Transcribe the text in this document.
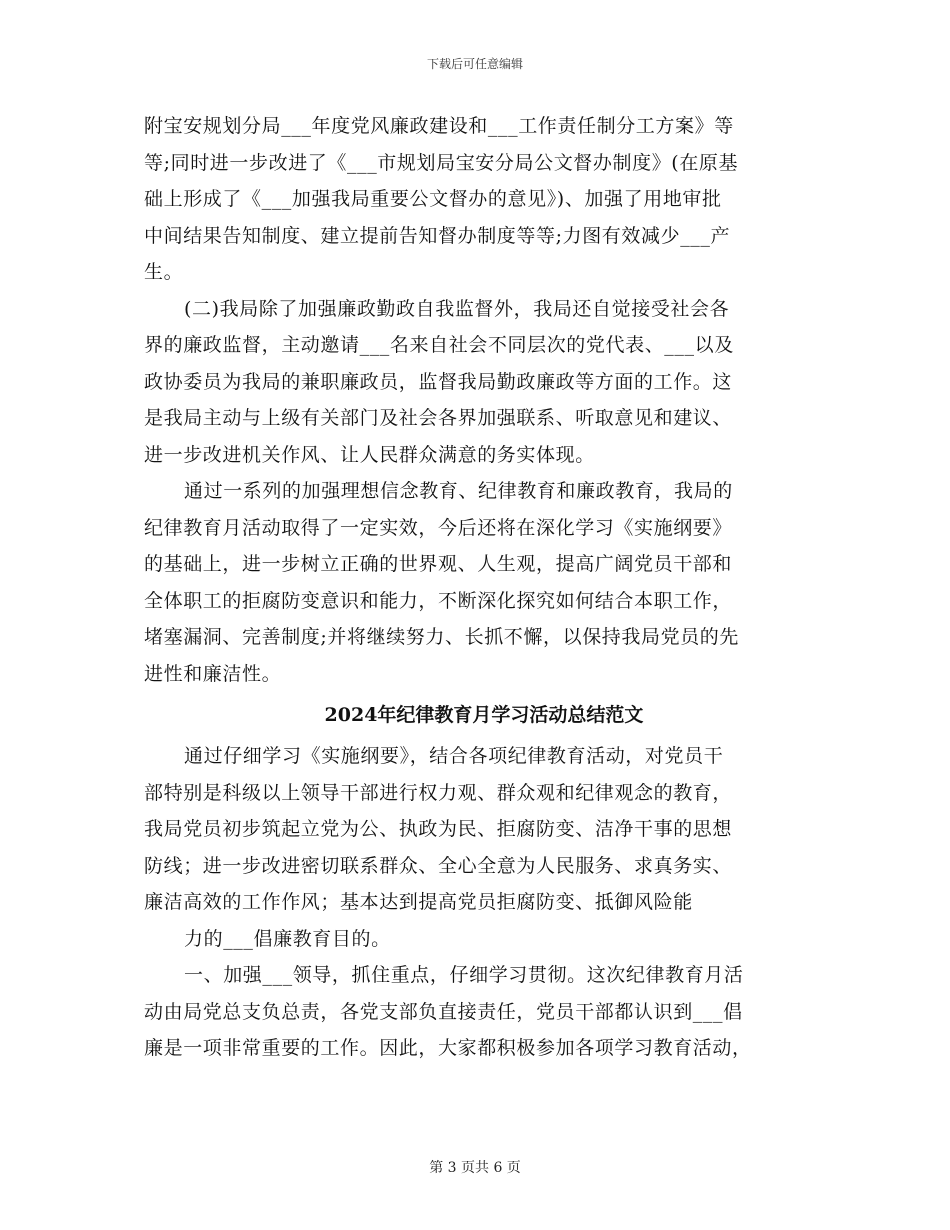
下载后可任意编辑
附宝安规划分局___年度党风廉政建设和___工作责任制分工方案》等
等;同时进一步改进了《___市规划局宝安分局公文督办制度》(在原基
础上形成了《___加强我局重要公文督办的意见》)、加强了用地审批
中间结果告知制度、建立提前告知督办制度等等;力图有效减少___产
生。
(二)我局除了加强廉政勤政自我监督外，我局还自觉接受社会各
界的廉政监督，主动邀请___名来自社会不同层次的党代表、___以及
政协委员为我局的兼职廉政员，监督我局勤政廉政等方面的工作。这
是我局主动与上级有关部门及社会各界加强联系、听取意见和建议、
进一步改进机关作风、让人民群众满意的务实体现。
通过一系列的加强理想信念教育、纪律教育和廉政教育，我局的
纪律教育月活动取得了一定实效，今后还将在深化学习《实施纲要》
的基础上，进一步树立正确的世界观、人生观，提高广阔党员干部和
全体职工的拒腐防变意识和能力，不断深化探究如何结合本职工作，
堵塞漏洞、完善制度;并将继续努力、长抓不懈，以保持我局党员的先
进性和廉洁性。
2024年纪律教育月学习活动总结范文
通过仔细学习《实施纲要》，结合各项纪律教育活动，对党员干
部特别是科级以上领导干部进行权力观、群众观和纪律观念的教育，
我局党员初步筑起立党为公、执政为民、拒腐防变、洁净干事的思想
防线；进一步改进密切联系群众、全心全意为人民服务、求真务实、
廉洁高效的工作作风；基本达到提高党员拒腐防变、抵御风险能
力的___倡廉教育目的。
一、加强___领导，抓住重点，仔细学习贯彻。这次纪律教育月活
动由局党总支负总责，各党支部负直接责任，党员干部都认识到___倡
廉是一项非常重要的工作。因此，大家都积极参加各项学习教育活动，
第 3 页共 6 页
